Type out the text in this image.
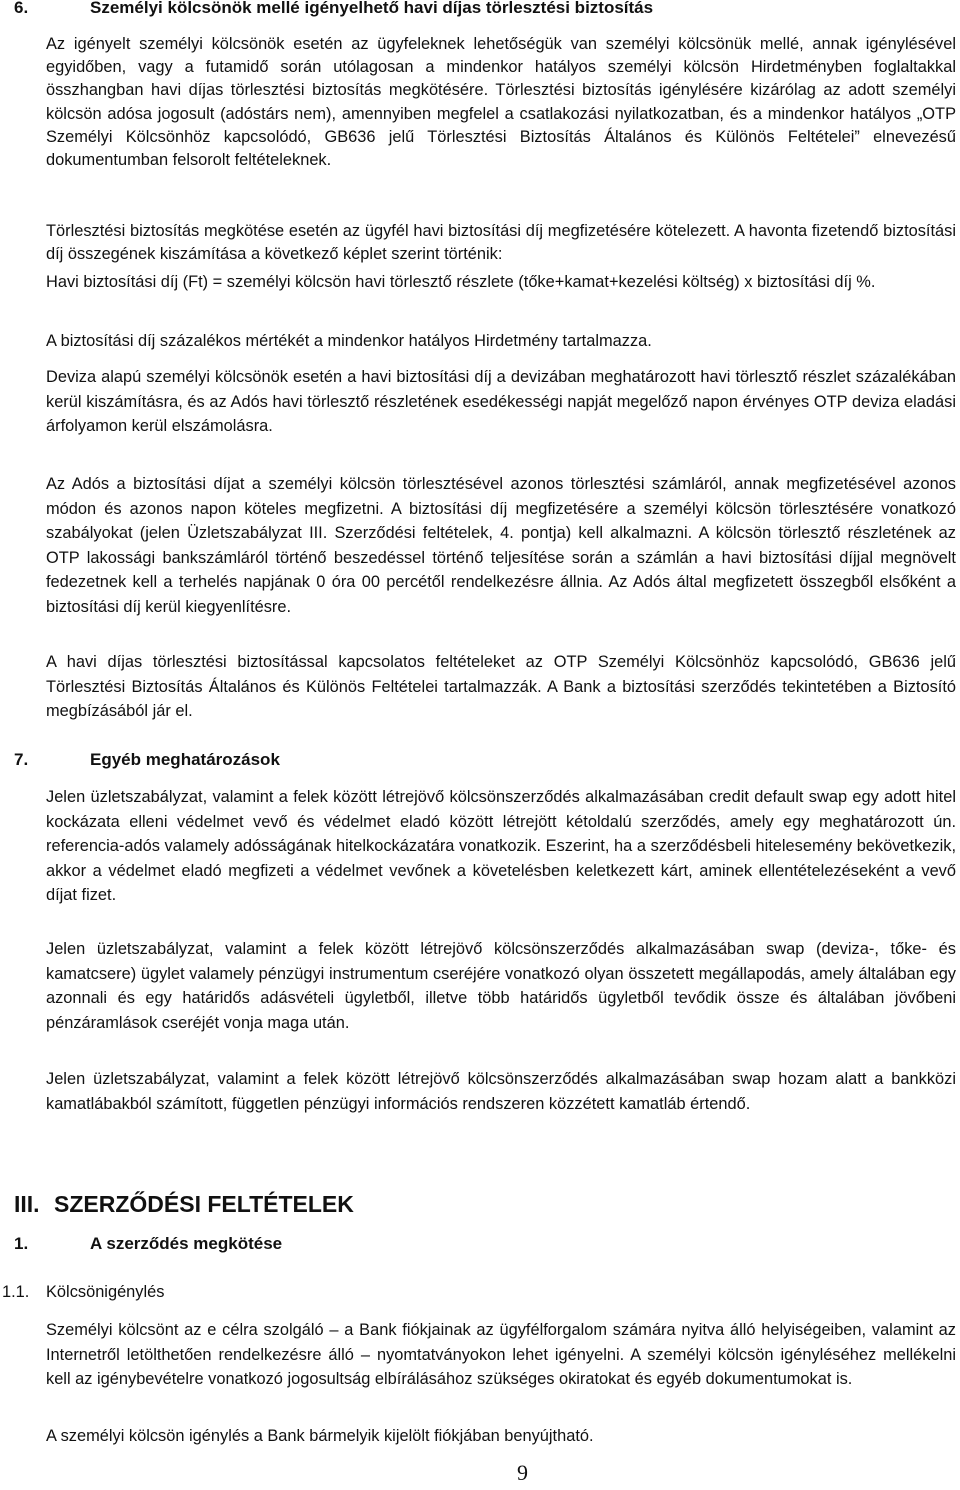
6.	Személyi kölcsönök mellé igényelhető havi díjas törlesztési biztosítás
Az igényelt személyi kölcsönök esetén az ügyfeleknek lehetőségük van személyi kölcsönük mellé, annak igénylésével egyidőben, vagy a futamidő során utólagosan a mindenkor hatályos személyi kölcsön Hirdetményben foglaltakkal összhangban havi díjas törlesztési biztosítás megkötésére. Törlesztési biztosítás igénylésére kizárólag az adott személyi kölcsön adósa jogosult (adóstárs nem), amennyiben megfelel a csatlakozási nyilatkozatban, és a mindenkor hatályos „OTP Személyi Kölcsönhöz kapcsolódó, GB636 jelű Törlesztési Biztosítás Általános és Különös Feltételei” elnevezésű dokumentumban felsorolt feltételeknek.
Törlesztési biztosítás megkötése esetén az ügyfél havi biztosítási díj megfizetésére kötelezett. A havonta fizetendő biztosítási díj összegének kiszámítása a következő képlet szerint történik:
Havi biztosítási díj (Ft) = személyi kölcsön havi törlesztő részlete (tőke+kamat+kezelési költség) x biztosítási díj %.
A biztosítási díj százalékos mértékét a mindenkor hatályos Hirdetmény tartalmazza.
Deviza alapú személyi kölcsönök esetén a havi biztosítási díj a devizában meghatározott havi törlesztő részlet százalékában kerül kiszámításra, és az Adós havi törlesztő részletének esedékességi napját megelőző napon érvényes OTP deviza eladási árfolyamon kerül elszámolásra.
Az Adós a biztosítási díjat a személyi kölcsön törlesztésével azonos törlesztési számláról, annak megfizetésével azonos módon és azonos napon köteles megfizetni. A biztosítási díj megfizetésére a személyi kölcsön törlesztésére vonatkozó szabályokat (jelen Üzletszabályzat III. Szerződési feltételek, 4. pontja) kell alkalmazni. A kölcsön törlesztő részletének az OTP lakossági bankszámláról történő beszedéssel történő teljesítése során a számlán a havi biztosítási díjjal megnövelt fedezetnek kell a terhelés napjának 0 óra 00 percétől rendelkezésre állnia. Az Adós által megfizetett összegből elsőként a biztosítási díj kerül kiegyenlítésre.
A havi díjas törlesztési biztosítással kapcsolatos feltételeket az OTP Személyi Kölcsönhöz kapcsolódó, GB636 jelű Törlesztési Biztosítás Általános és Különös Feltételei tartalmazzák. A Bank a biztosítási szerződés tekintetében a Biztosító megbízásából jár el.
7.	Egyéb meghatározások
Jelen üzletszabályzat, valamint a felek között létrejövő kölcsönszerződés alkalmazásában credit default swap egy adott hitel kockázata elleni védelmet vevő és védelmet eladó között létrejött kétoldalú szerződés, amely egy meghatározott ún. referencia-adós valamely adósságának hitelkockázatára vonatkozik. Eszerint, ha a szerződésbeli hitelesemény bekövetkezik, akkor a védelmet eladó megfizeti a védelmet vevőnek a követelésben keletkezett kárt, aminek ellentételezéseként a vevő díjat fizet.
Jelen üzletszabályzat, valamint a felek között létrejövő kölcsönszerződés alkalmazásában swap (deviza-, tőke- és kamatcsere) ügylet valamely pénzügyi instrumentum cseréjére vonatkozó olyan összetett megállapodás, amely általában egy azonnali és egy határidős adásvételi ügyletből, illetve több határidős ügyletből tevődik össze és általában jövőbeni pénzáramlások cseréjét vonja maga után.
Jelen üzletszabályzat, valamint a felek között létrejövő kölcsönszerződés alkalmazásában swap hozam alatt a bankközi kamatlábakból számított, független pénzügyi információs rendszeren közzétett kamatláb értendő.
III. SZERZŐDÉSI FELTÉTELEK
1.	A szerződés megkötése
1.1. Kölcsönigénylés
Személyi kölcsönt az e célra szolgáló – a Bank fiókjainak az ügyfélforgalom számára nyitva álló helyiségeiben, valamint az Internetről letölthetően rendelkezésre álló – nyomtatványokon lehet igényelni. A személyi kölcsön igényléséhez mellékelni kell az igénybevételre vonatkozó jogosultság elbírálásához szükséges okiratokat és egyéb dokumentumokat is.
A személyi kölcsön igénylés a Bank bármelyik kijelölt fiókjában benyújtható.
9
